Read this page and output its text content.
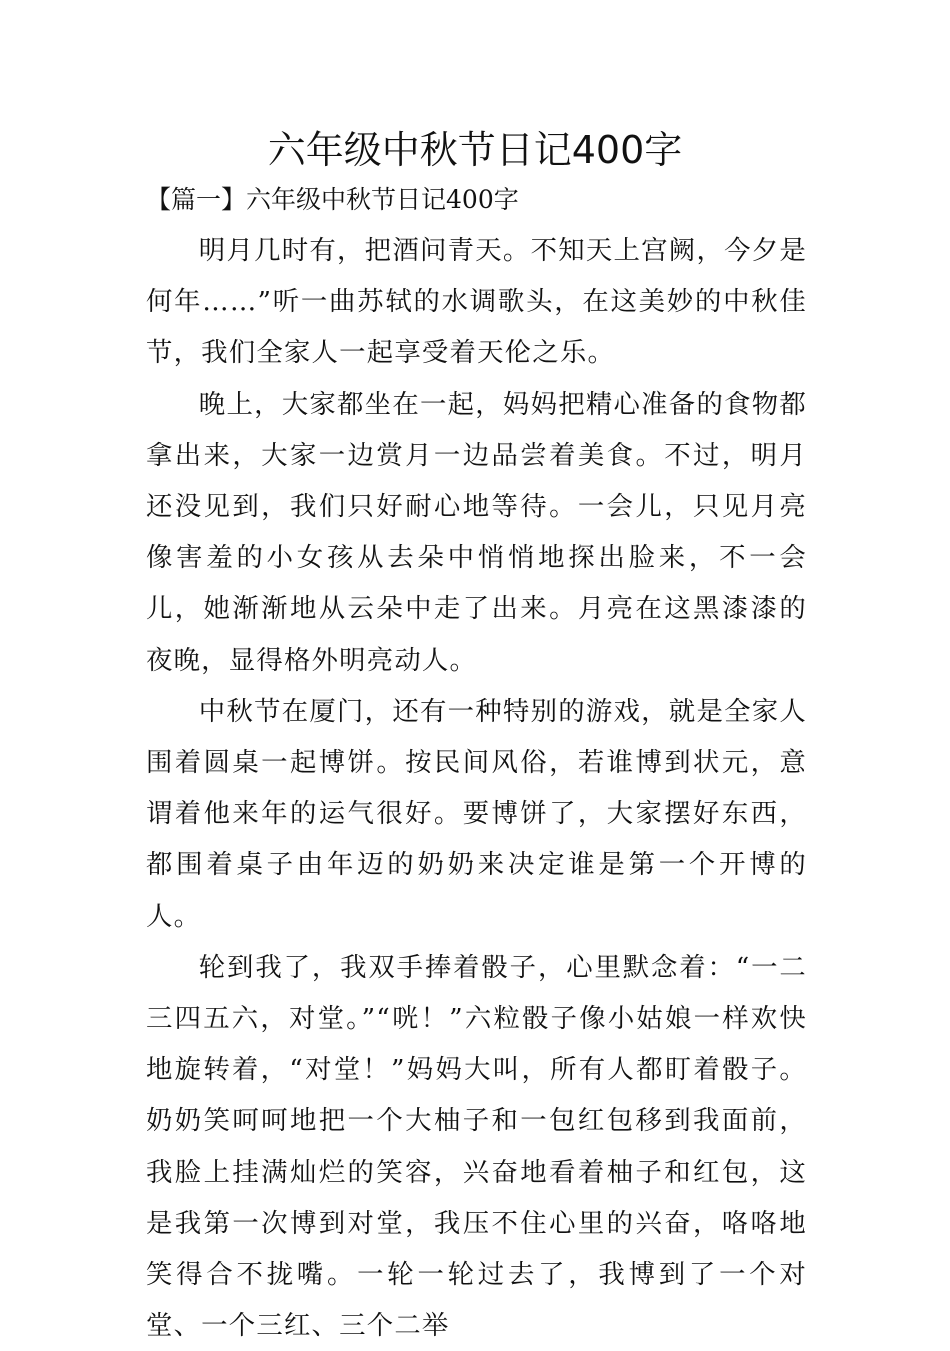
六年级中秋节日记400字
【篇一】六年级中秋节日记400字

明月几时有，把酒问青天。不知天上宫阙，今夕是何年……”听一曲苏轼的水调歌头，在这美妙的中秋佳节，我们全家人一起享受着天伦之乐。

晚上，大家都坐在一起，妈妈把精心准备的食物都拿出来，大家一边赏月一边品尝着美食。不过，明月还没见到，我们只好耐心地等待。一会儿，只见月亮像害羞的小女孩从去朵中悄悄地探出脸来，不一会儿，她渐渐地从云朵中走了出来。月亮在这黑漆漆的夜晚，显得格外明亮动人。

中秋节在厦门，还有一种特别的游戏，就是全家人围着圆桌一起博饼。按民间风俗，若谁博到状元，意谓着他来年的运气很好。要博饼了，大家摆好东西，都围着桌子由年迈的奶奶来决定谁是第一个开博的人。

轮到我了，我双手捧着骰子，心里默念着：“一二三四五六，对堂。”“咣！”六粒骰子像小姑娘一样欢快地旋转着，“对堂！”妈妈大叫，所有人都盯着骰子。奶奶笑呵呵地把一个大柚子和一包红包移到我面前，我脸上挂满灿烂的笑容，兴奋地看着柚子和红包，这是我第一次博到对堂，我压不住心里的兴奋，咯咯地笑得合不拢嘴。一轮一轮过去了，我博到了一个对堂、一个三红、三个二举
